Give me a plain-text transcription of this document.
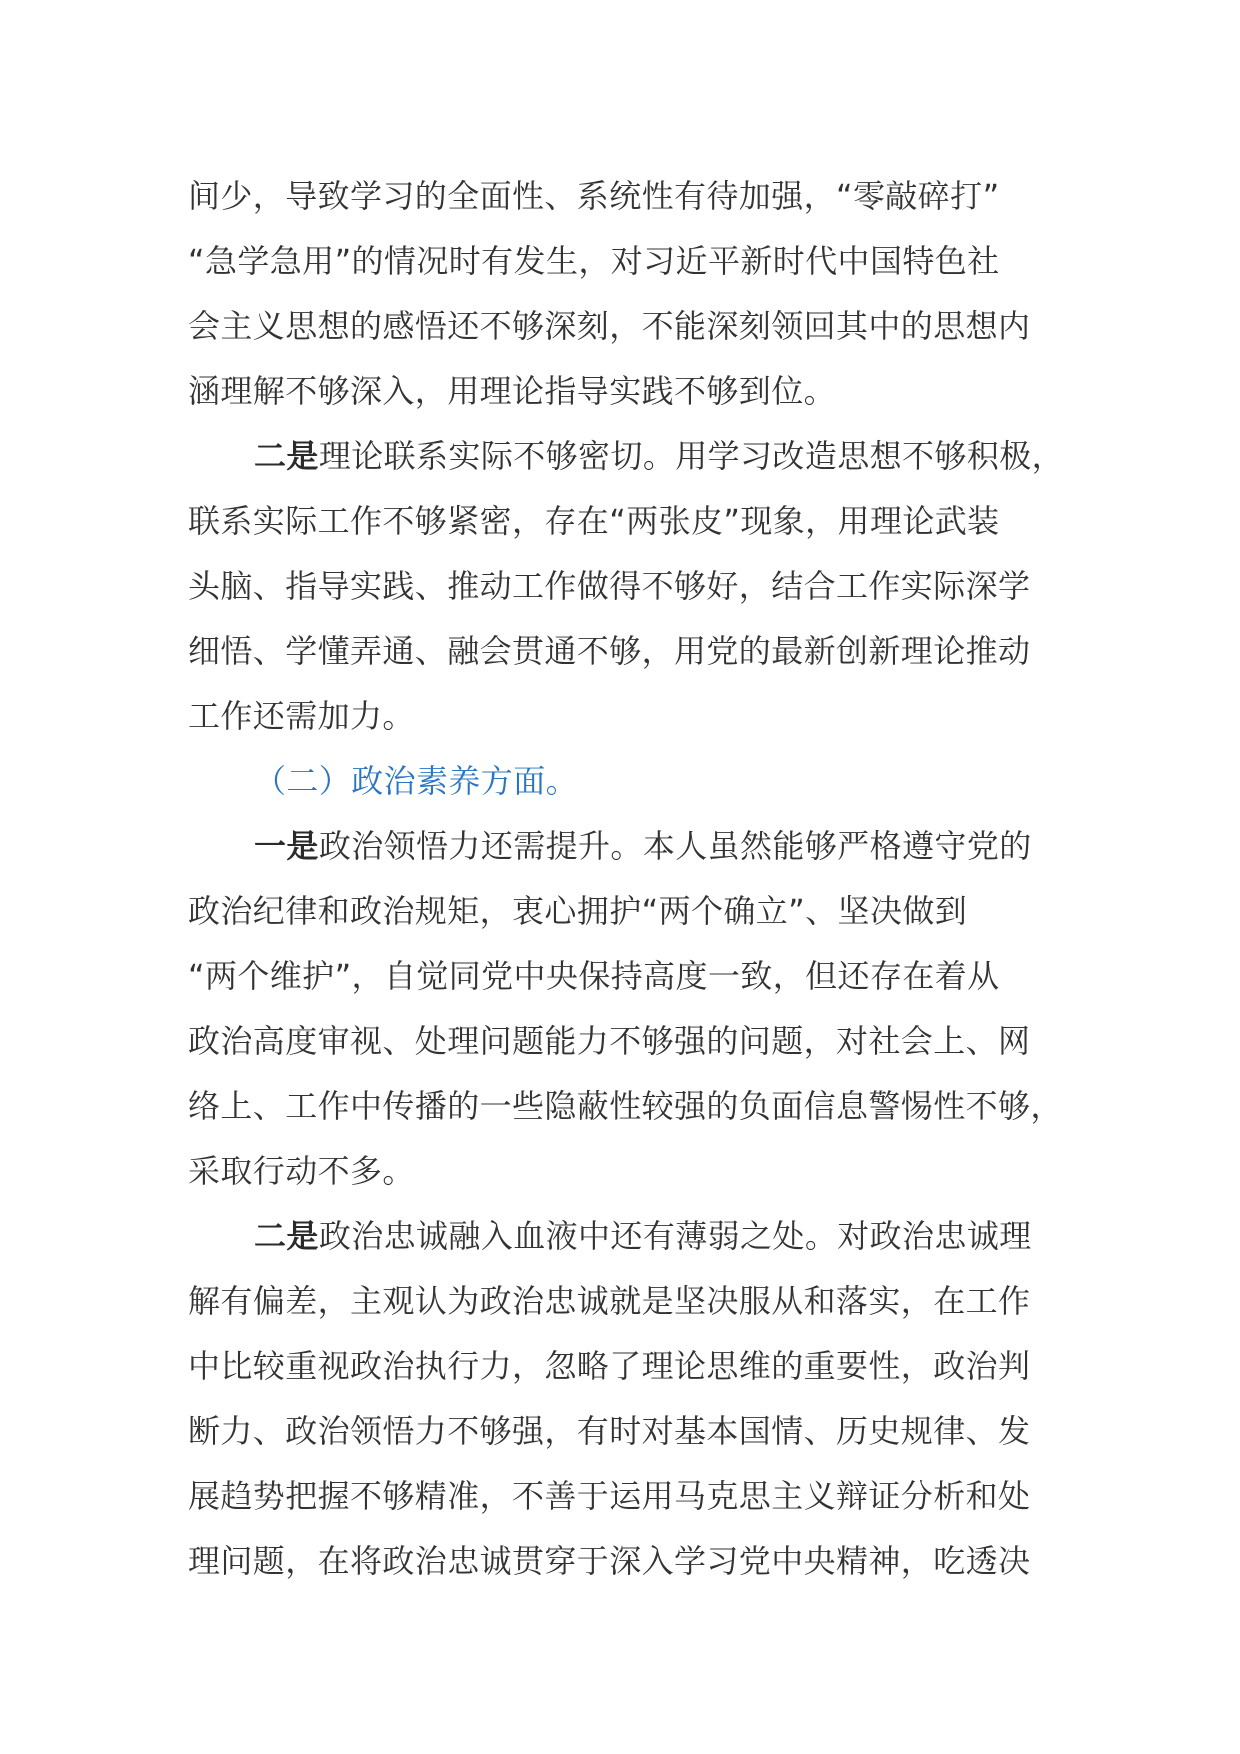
间少，导致学习的全面性、系统性有待加强，“零敲碎打”
“急学急用”的情况时有发生，对习近平新时代中国特色社
会主义思想的感悟还不够深刻，不能深刻领回其中的思想内
涵理解不够深入，用理论指导实践不够到位。
二是理论联系实际不够密切。用学习改造思想不够积极，
联系实际工作不够紧密，存在“两张皮”现象，用理论武装
头脑、指导实践、推动工作做得不够好，结合工作实际深学
细悟、学懂弄通、融会贯通不够，用党的最新创新理论推动
工作还需加力。
（二）政治素养方面。
一是政治领悟力还需提升。本人虽然能够严格遵守党的
政治纪律和政治规矩，衷心拥护“两个确立”、坚决做到
“两个维护”，自觉同党中央保持高度一致，但还存在着从
政治高度审视、处理问题能力不够强的问题，对社会上、网
络上、工作中传播的一些隐蔽性较强的负面信息警惕性不够，
采取行动不多。
二是政治忠诚融入血液中还有薄弱之处。对政治忠诚理
解有偏差，主观认为政治忠诚就是坚决服从和落实，在工作
中比较重视政治执行力，忽略了理论思维的重要性，政治判
断力、政治领悟力不够强，有时对基本国情、历史规律、发
展趋势把握不够精准，不善于运用马克思主义辩证分析和处
理问题，在将政治忠诚贯穿于深入学习党中央精神，吃透决
